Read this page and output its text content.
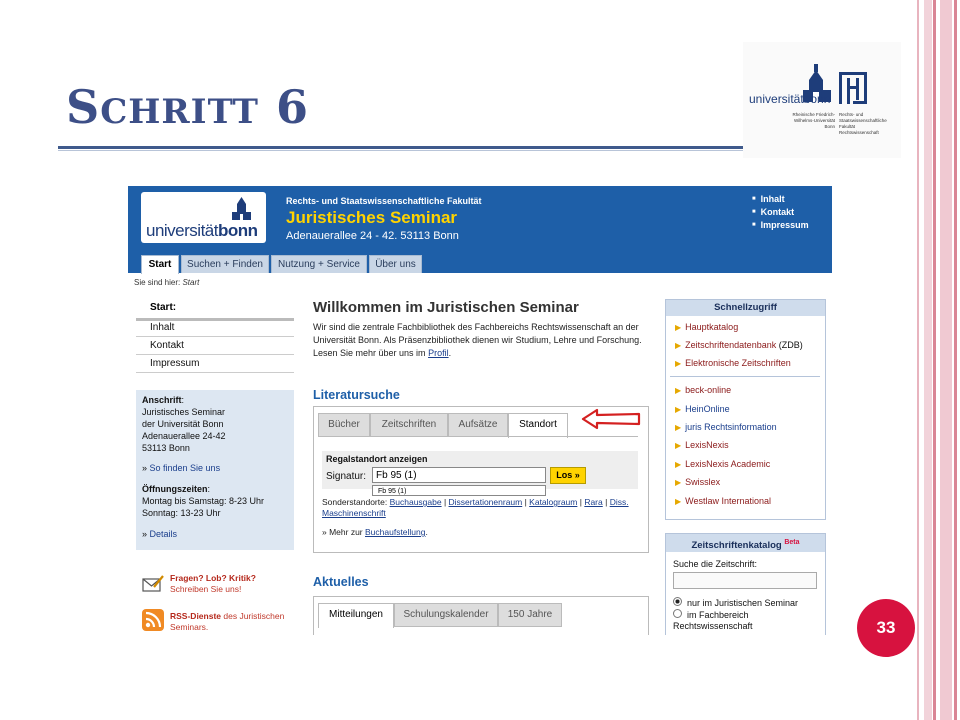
SCHRITT 6	universitätbonn
Rheinische Friedrich-Wilhelms-Universität Bonn
Rechts- und Staatswissenschaftliche Fakultät Rechtswissenschaft
universitätbonn
Rechts- und Staatswissenschaftliche Fakultät
Juristisches Seminar
Adenauerallee 24 - 42. 53113 Bonn
■ Inhalt
■ Kontakt
■ Impressum
Start	Suchen + Finden	Nutzung + Service	Über uns
Sie sind hier: Start
Start:
Inhalt
Kontakt
Impressum
Anschrift:
Juristisches Seminar
der Universität Bonn
Adenauerallee 24-42
53113 Bonn
» So finden Sie uns
Öffnungszeiten:
Montag bis Samstag: 8-23 Uhr
Sonntag: 13-23 Uhr
» Details
Fragen? Lob? Kritik?
Schreiben Sie uns!
RSS-Dienste des Juristischen Seminars.
Willkommen im Juristischen Seminar
Wir sind die zentrale Fachbibliothek des Fachbereichs Rechtswissenschaft an der Universität Bonn. Als Präsenzbibliothek dienen wir Studium, Lehre und Forschung. Lesen Sie mehr über uns im Profil.
Literatursuche
Bücher	Zeitschriften	Aufsätze	Standort
Regalstandort anzeigen
Signatur: Fb 95 (1)	Los »
Fb 95 (1)
Sonderstandorte: Buchausgabe | Dissertationenraum | Katalograum | Rara | Diss. Maschinenschrift
» Mehr zur Buchaufstellung.
Aktuelles
Mitteilungen	Schulungskalender	150 Jahre
Schnellzugriff
▶ Hauptkatalog
▶ Zeitschriftendatenbank (ZDB)
▶ Elektronische Zeitschriften
▶ beck-online
▶ HeinOnline
▶ juris Rechtsinformation
▶ LexisNexis
▶ LexisNexis Academic
▶ Swisslex
▶ Westlaw International
Zeitschriftenkatalog $^{Beta}$
Suche die Zeitschrift:
nur im Juristischen Seminar
im Fachbereich
Rechtswissenschaft	33
